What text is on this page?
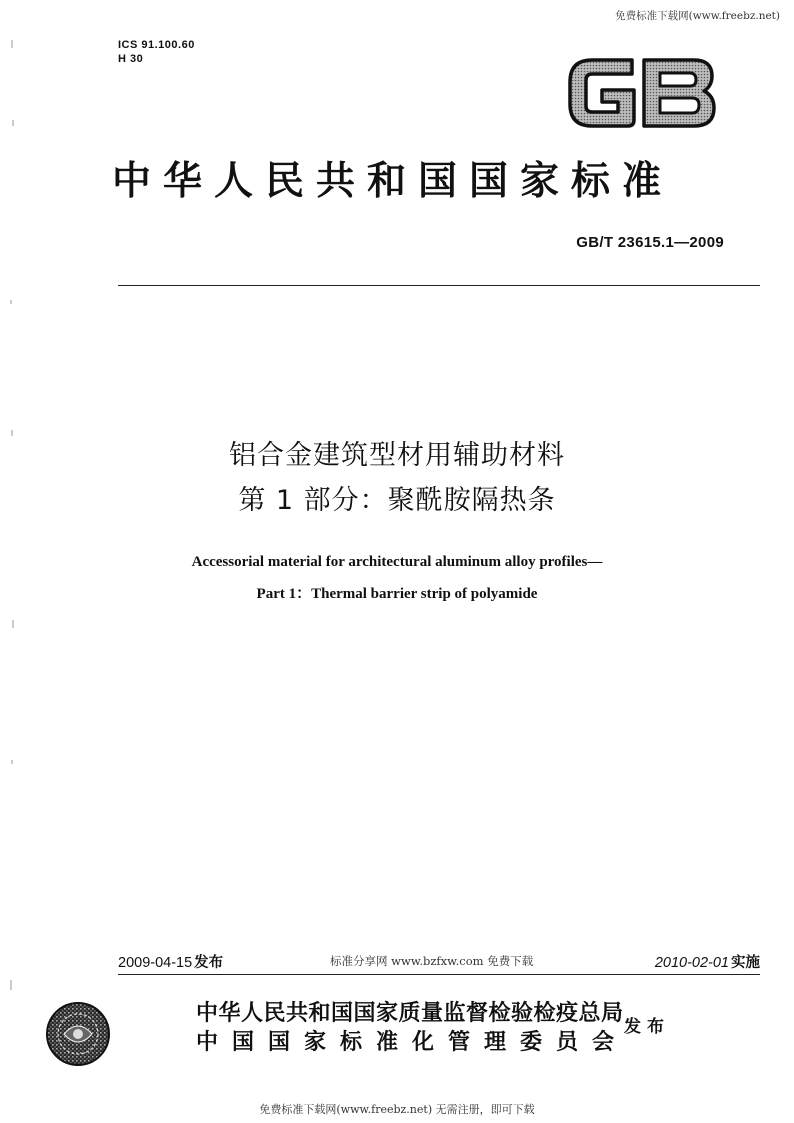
免费标准下载网(www.freebz.net)
ICS 91.100.60
H 30
中华人民共和国国家标准
GB/T 23615.1—2009
铝合金建筑型材用辅助材料
第 1 部分：聚酰胺隔热条
Accessorial material for architectural aluminum alloy profiles—
Part 1：Thermal barrier strip of polyamide
2009-04-15 发布	标准分享网 www.bzfxw.com 免费下载	2010-02-01 实施
中华人民共和国国家质量监督检验检疫总局
中国国家标准化管理委员会
发布
免费标准下载网(www.freebz.net) 无需注册，即可下载
